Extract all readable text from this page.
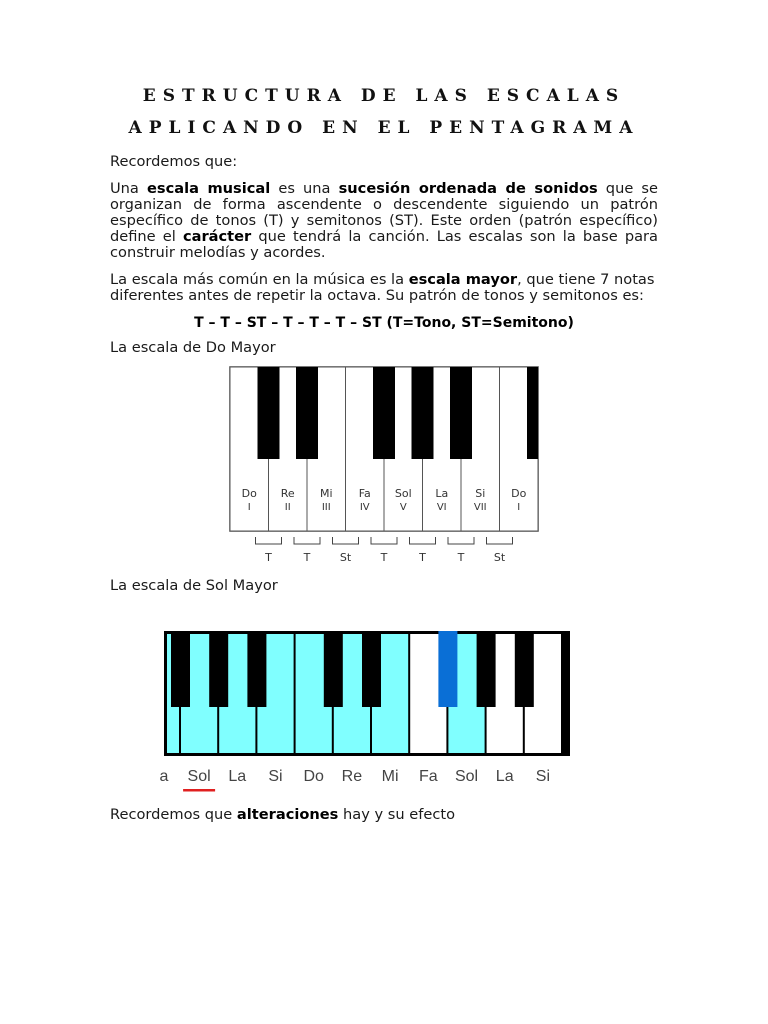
ESTRUCTURA DE LAS ESCALAS
APLICANDO EN EL PENTAGRAMA
Recordemos que:
Una escala musical es una sucesión ordenada de sonidos que se organizan de forma ascendente o descendente siguiendo un patrón específico de tonos (T) y semitonos (ST). Este orden (patrón específico) define el carácter que tendrá la canción. Las escalas son la base para construir melodías y acordes.
La escala más común en la música es la escala mayor, que tiene 7 notas diferentes antes de repetir la octava. Su patrón de tonos y semitonos es:
T – T – ST – T – T – T – ST (T=Tono, ST=Semitono)
La escala de Do Mayor
Do
I
Re
II
Mi
III
Fa
IV
Sol
V
La
VI
Si
VII
Do
I
T	T	St	T	T	T	St
La escala de Sol Mayor
a Sol La Si Do Re Mi Fa Sol La Si
Recordemos que alteraciones hay y su efecto
